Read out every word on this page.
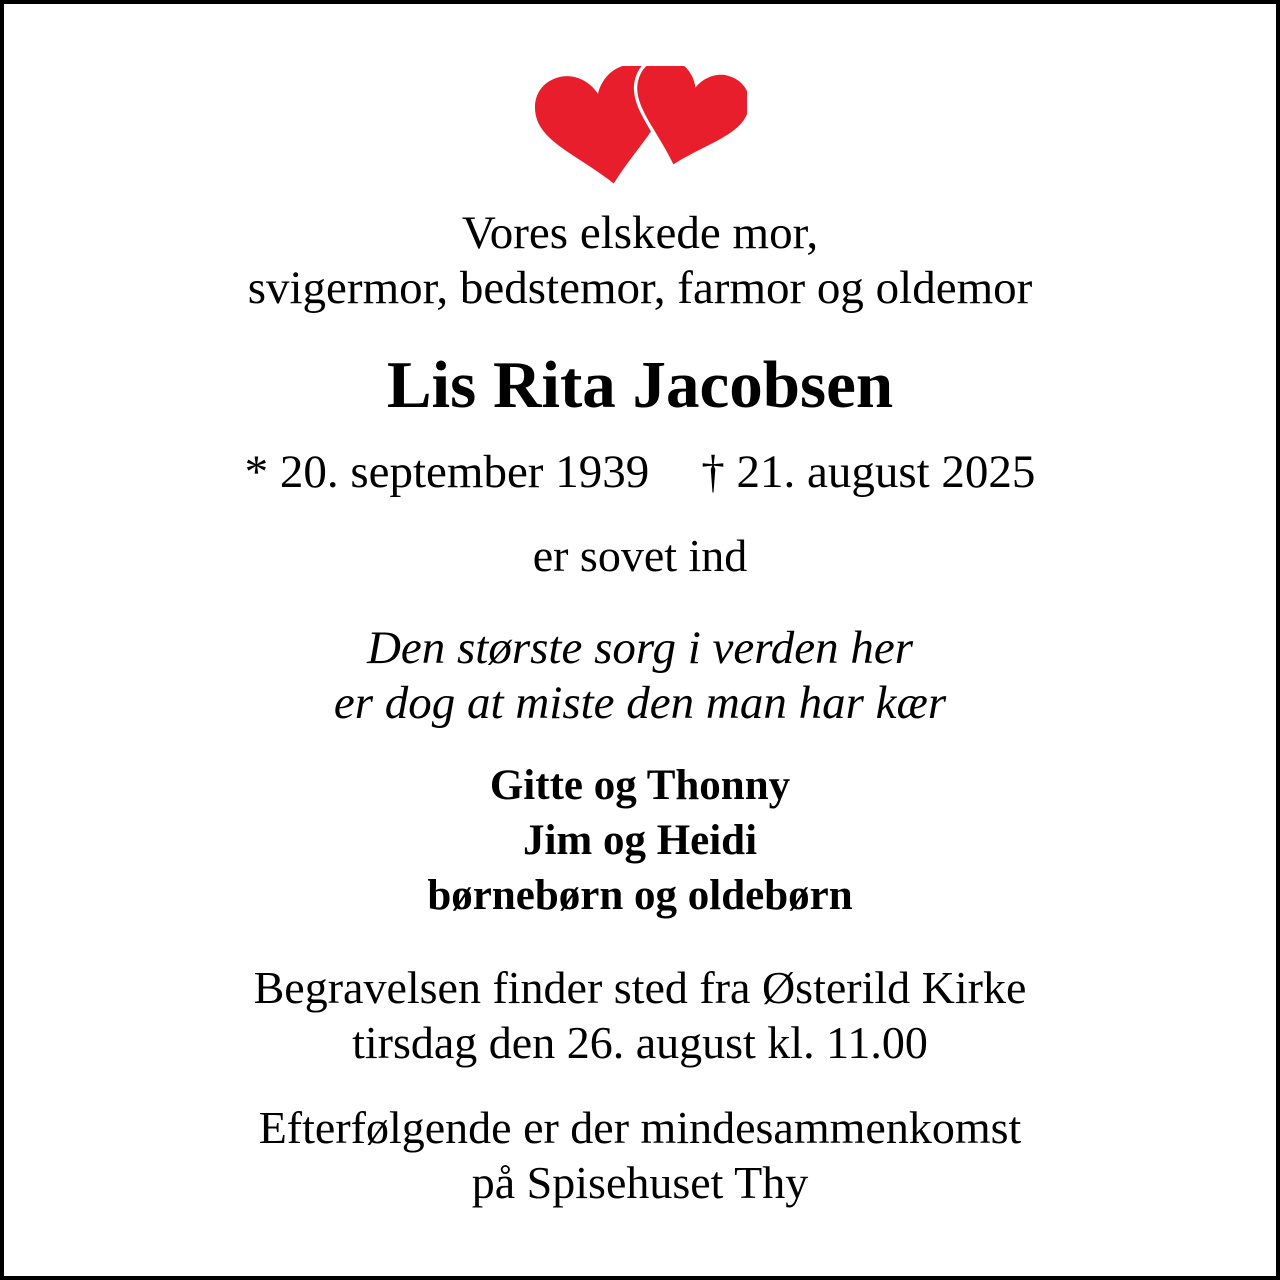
Vores elskede mor,
svigermor, bedstemor, farmor og oldemor
Lis Rita Jacobsen
* 20. september 1939 † 21. august 2025
er sovet ind
Den største sorg i verden her
er dog at miste den man har kær
Gitte og Thonny
Jim og Heidi
børnebørn og oldebørn
Begravelsen finder sted fra Østerild Kirke
tirsdag den 26. august kl. 11.00
Efterfølgende er der mindesammenkomst
på Spisehuset Thy
